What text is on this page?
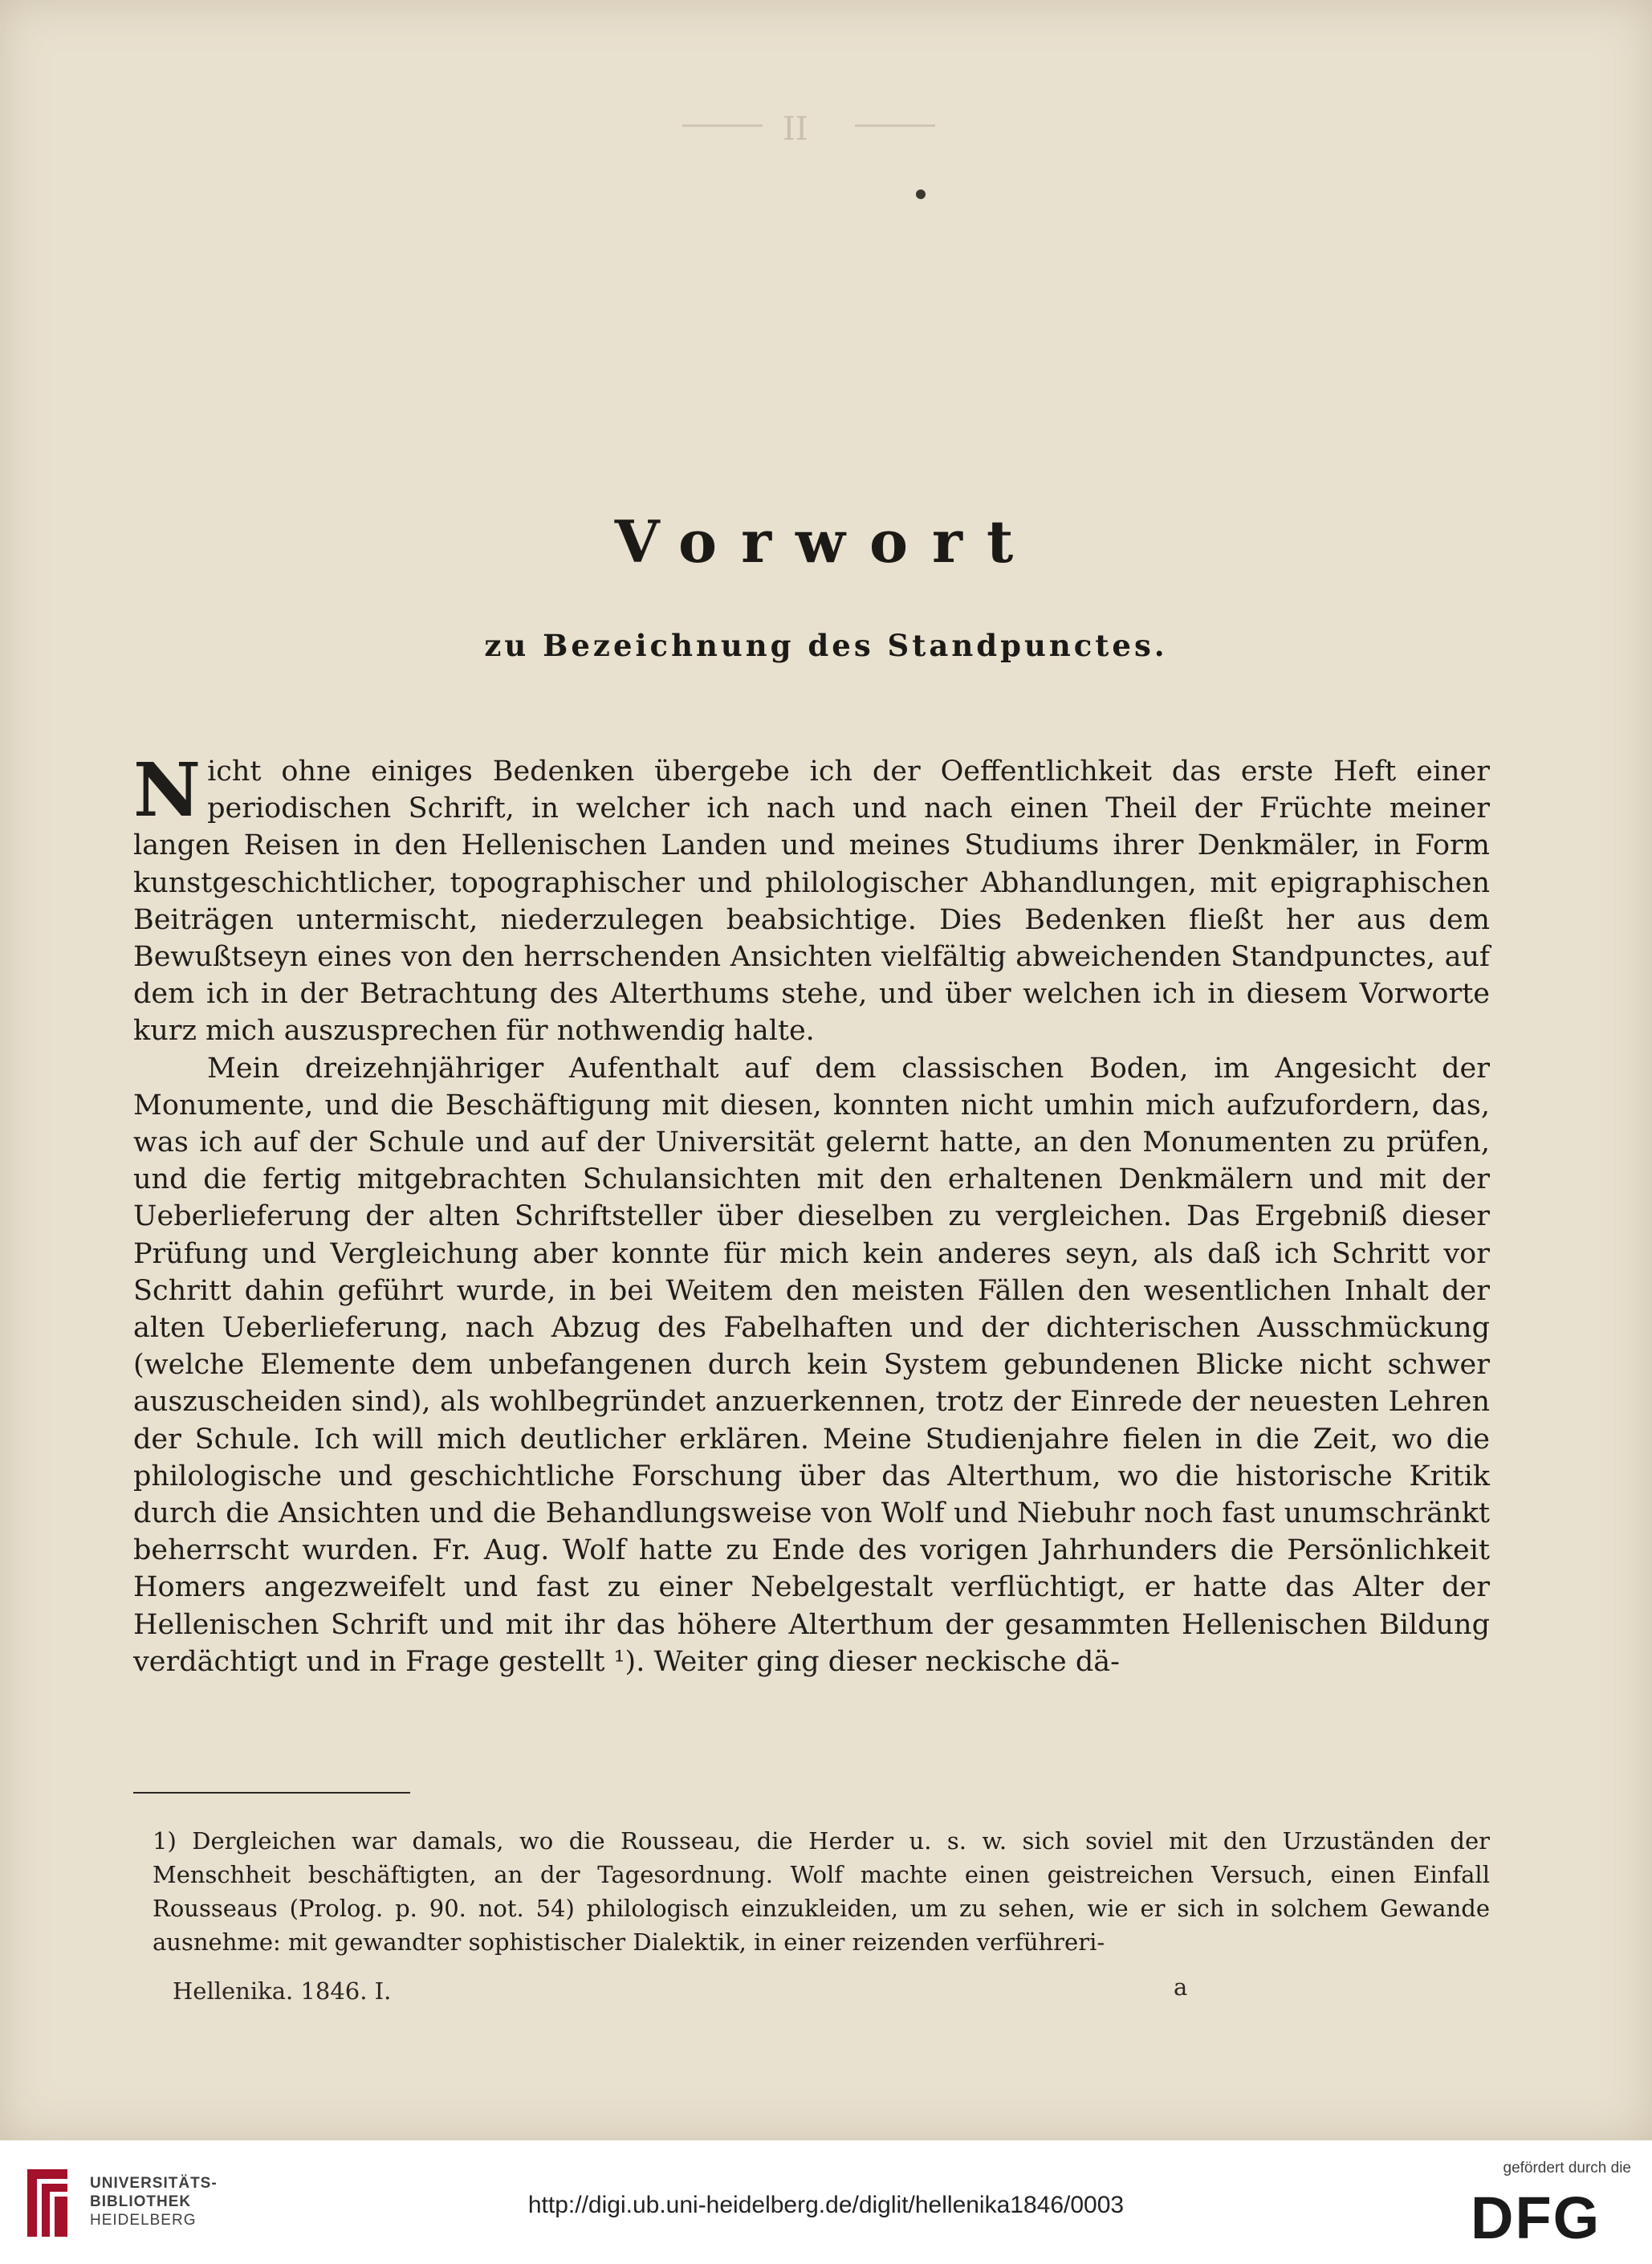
II
Vorwort
zu Bezeichnung des Standpunctes.

Nicht ohne einiges Bedenken übergebe ich der Oeffentlichkeit das erste Heft einer periodischen Schrift, in welcher ich nach und nach einen Theil der Früchte meiner langen Reisen in den Hellenischen Landen und meines Studiums ihrer Denkmäler, in Form kunstgeschichtlicher, topographischer und philologischer Abhandlungen, mit epigraphischen Beiträgen untermischt, niederzulegen beabsichtige. Dies Bedenken fließt her aus dem Bewußtseyn eines von den herrschenden Ansichten vielfältig abweichenden Standpunctes, auf dem ich in der Betrachtung des Alterthums stehe, und über welchen ich in diesem Vorworte kurz mich auszusprechen für nothwendig halte.

Mein dreizehnjähriger Aufenthalt auf dem classischen Boden, im Angesicht der Monumente, und die Beschäftigung mit diesen, konnten nicht umhin mich aufzufordern, das, was ich auf der Schule und auf der Universität gelernt hatte, an den Monumenten zu prüfen, und die fertig mitgebrachten Schulansichten mit den erhaltenen Denkmälern und mit der Ueberlieferung der alten Schriftsteller über dieselben zu vergleichen. Das Ergebniß dieser Prüfung und Vergleichung aber konnte für mich kein anderes seyn, als daß ich Schritt vor Schritt dahin geführt wurde, in bei Weitem den meisten Fällen den wesentlichen Inhalt der alten Ueberlieferung, nach Abzug des Fabelhaften und der dichterischen Ausschmückung (welche Elemente dem unbefangenen durch kein System gebundenen Blicke nicht schwer auszuscheiden sind), als wohlbegründet anzuerkennen, trotz der Einrede der neuesten Lehren der Schule. Ich will mich deutlicher erklären. Meine Studienjahre fielen in die Zeit, wo die philologische und geschichtliche Forschung über das Alterthum, wo die historische Kritik durch die Ansichten und die Behandlungsweise von Wolf und Niebuhr noch fast unumschränkt beherrscht wurden. Fr. Aug. Wolf hatte zu Ende des vorigen Jahrhunders die Persönlichkeit Homers angezweifelt und fast zu einer Nebelgestalt verflüchtigt, er hatte das Alter der Hellenischen Schrift und mit ihr das höhere Alterthum der gesammten Hellenischen Bildung verdächtigt und in Frage gestellt ¹). Weiter ging dieser neckische dä-

1) Dergleichen war damals, wo die Rousseau, die Herder u. s. w. sich soviel mit den Urzuständen der Menschheit beschäftigten, an der Tagesordnung. Wolf machte einen geistreichen Versuch, einen Einfall Rousseaus (Prolog. p. 90. not. 54) philologisch einzukleiden, um zu sehen, wie er sich in solchem Gewande ausnehme: mit gewandter sophistischer Dialektik, in einer reizenden verführeri-

Hellenika. 1846. I.	a

UNIVERSITÄTS-
BIBLIOTHEK
HEIDELBERG

http://digi.ub.uni-heidelberg.de/diglit/hellenika1846/0003

gefördert durch die

DFG
